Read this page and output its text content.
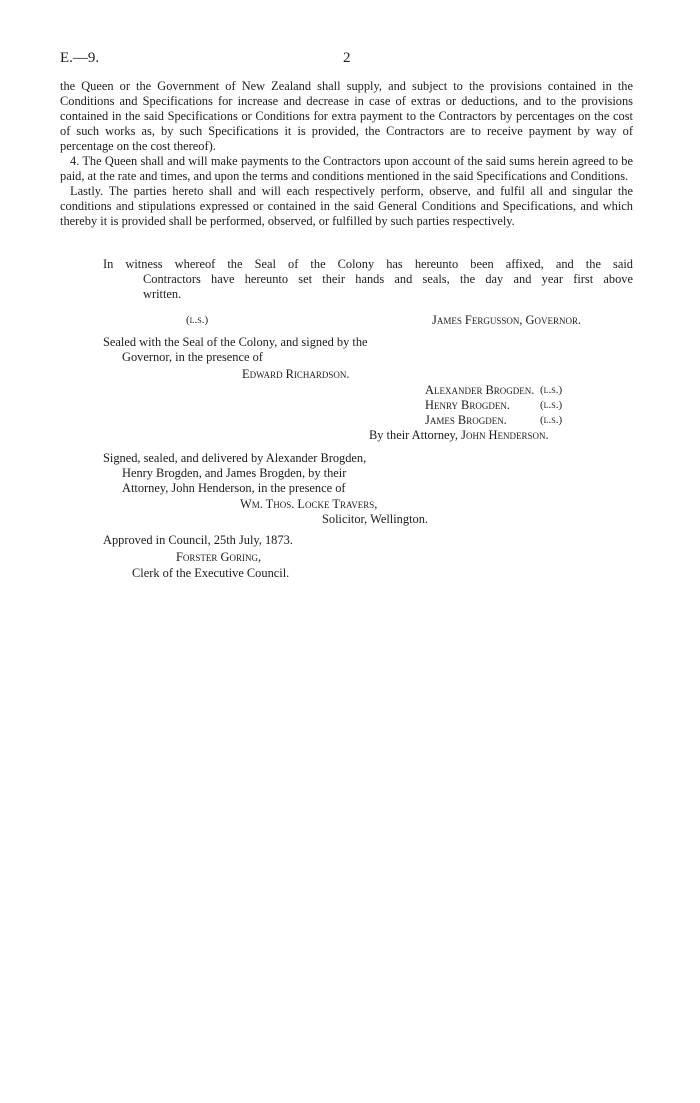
E.—9.	2

the Queen or the Government of New Zealand shall supply, and subject to the provisions contained in the Conditions and Specifications for increase and decrease in case of extras or deductions, and to the provisions contained in the said Specifications or Conditions for extra payment to the Contractors by percentages on the cost of such works as, by such Specifications it is provided, the Contractors are to receive payment by way of percentage on the cost thereof).

4. The Queen shall and will make payments to the Contractors upon account of the said sums herein agreed to be paid, at the rate and times, and upon the terms and conditions mentioned in the said Specifications and Conditions.

Lastly. The parties hereto shall and will each respectively perform, observe, and fulfil all and singular the conditions and stipulations expressed or contained in the said General Conditions and Specifications, and which thereby it is provided shall be performed, observed, or fulfilled by such parties respectively.

In witness whereof the Seal of the Colony has hereunto been affixed, and the said
Contractors have hereunto set their hands and seals, the day and year first above
written.
(l.s.)	James Fergusson, Governor.
Sealed with the Seal of the Colony, and signed by the
Governor, in the presence of
Edward Richardson.
Alexander Brogden. (l.s.)
Henry Brogden.	(l.s.)
James Brogden.	(l.s.)
By their Attorney, John Henderson.
Signed, sealed, and delivered by Alexander Brogden,
Henry Brogden, and James Brogden, by their
Attorney, John Henderson, in the presence of
Wm. Thos. Locke Travers,
Solicitor, Wellington.
Approved in Council, 25th July, 1873.
Forster Goring,
Clerk of the Executive Council.
